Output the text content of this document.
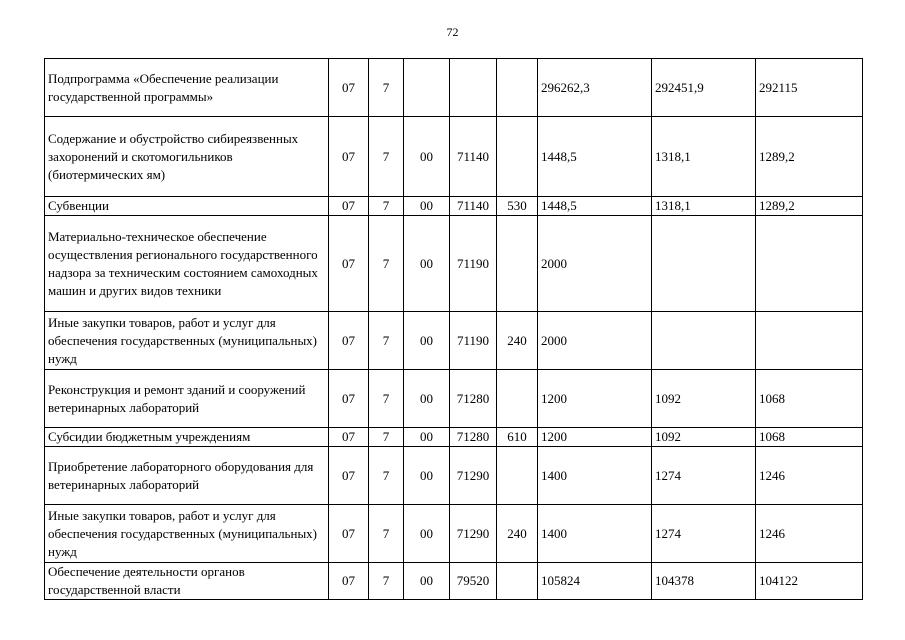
72
Подпрограмма «Обеспечение реализации государственной программы»	07	7				296262,3	292451,9	292115
Содержание и обустройство сибиреязвенных захоронений и скотомогильников (биотермических ям)	07	7	00	71140		1448,5	1318,1	1289,2
Субвенции	07	7	00	71140	530	1448,5	1318,1	1289,2
Материально-техническое обеспечение осуществления регионального государственного надзора за техническим состоянием самоходных машин и других видов техники	07	7	00	71190		2000		
Иные закупки товаров, работ и услуг для обеспечения государственных (муниципальных) нужд	07	7	00	71190	240	2000		
Реконструкция и ремонт зданий и сооружений ветеринарных лабораторий	07	7	00	71280		1200	1092	1068
Субсидии бюджетным учреждениям	07	7	00	71280	610	1200	1092	1068
Приобретение лабораторного оборудования для ветеринарных лабораторий	07	7	00	71290		1400	1274	1246
Иные закупки товаров, работ и услуг для обеспечения государственных (муниципальных) нужд	07	7	00	71290	240	1400	1274	1246
Обеспечение деятельности органов государственной власти	07	7	00	79520		105824	104378	104122
